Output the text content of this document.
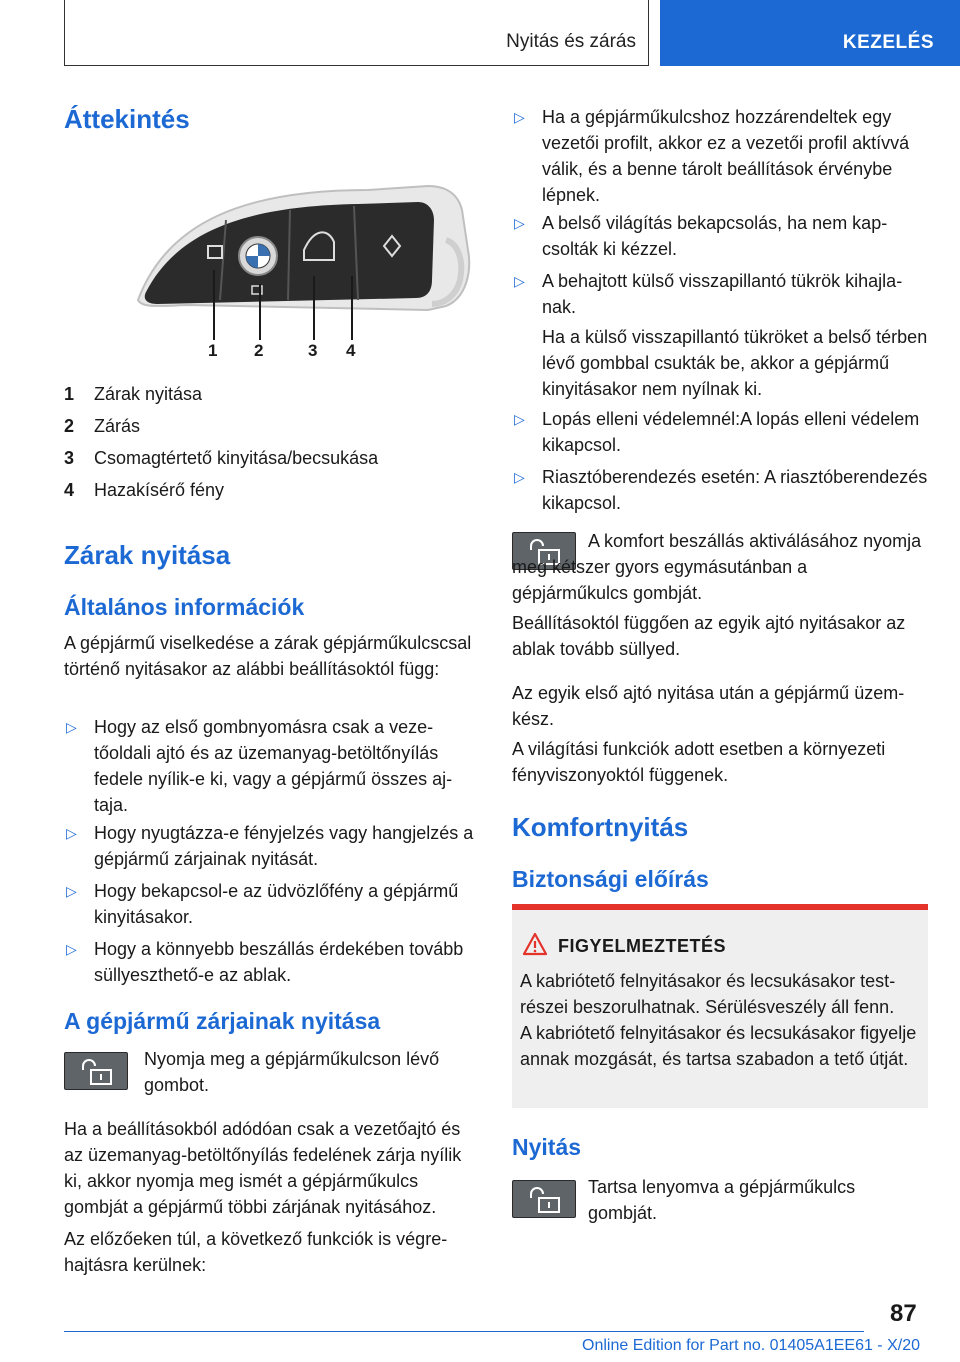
Nyitás és zárás	KEZELÉS
Áttekintés
1 2	3 4
1 Zárak nyitása
2 Zárás
3 Csomagtértető kinyitása/becsukása
4 Hazakísérő fény
Zárak nyitása
Általános információk

A gépjármű viselkedése a zárak gépjárműkulcscsal történő nyitásakor az alábbi beállításoktól függ:

▷ Hogy az első gombnyomásra csak a vezetőoldali ajtó és az üzemanyag-betöltőnyílás fedele nyílik-e ki, vagy a gépjármű összes ajtaja.
▷ Hogy nyugtázza-e fényjelzés vagy hangjelzés a gépjármű zárjainak nyitását.
▷ Hogy bekapcsol-e az üdvözlőfény a gépjármű kinyitásakor.
▷ Hogy a könnyebb beszállás érdekében tovább süllyeszthető-e az ablak.
A gépjármű zárjainak nyitása

Nyomja meg a gépjárműkulcson lévő gombot.

Ha a beállításokból adódóan csak a vezetőajtó és az üzemanyag-betöltőnyílás fedelének zárja nyílik ki, akkor nyomja meg ismét a gépjárműkulcs gombját a gépjármű többi zárjának nyitásához.

Az előzőeken túl, a következő funkciók is végrehajtásra kerülnek:

▷ Ha a gépjárműkulcshoz hozzárendeltek egy vezetői profilt, akkor ez a vezetői profil aktívvá válik, és a benne tárolt beállítások érvénybe lépnek.
▷ A belső világítás bekapcsolás, ha nem kapcsolták ki kézzel.
▷ A behajtott külső visszapillantó tükrök kihajlanak.

Ha a külső visszapillantó tükröket a belső térben lévő gombbal csukták be, akkor a gépjármű kinyitásakor nem nyílnak ki.

▷ Lopás elleni védelemnél:A lopás elleni védelem kikapcsol.
▷ Riasztóberendezés esetén: A riasztóberendezés kikapcsol.

A komfort beszállás aktiválásához nyomja meg kétszer gyors egymásutánban a gépjárműkulcs gombját.

Beállításoktól függően az egyik ajtó nyitásakor az ablak tovább süllyed.

Az egyik első ajtó nyitása után a gépjármű üzemkész.

A világítási funkciók adott esetben a környezeti fényviszonyoktól függenek.

Komfortnyitás
Biztonsági előírás
FIGYELMEZTETÉS

A kabriótető felnyitásakor és lecsukásakor testrészei beszorulhatnak. Sérülésveszély áll fenn.

A kabriótető felnyitásakor és lecsukásakor figyelje annak mozgását, és tartsa szabadon a tető útját.

Nyitás

Tartsa lenyomva a gépjárműkulcs gombját.

87
Online Edition for Part no. 01405A1EE61 - X/20
